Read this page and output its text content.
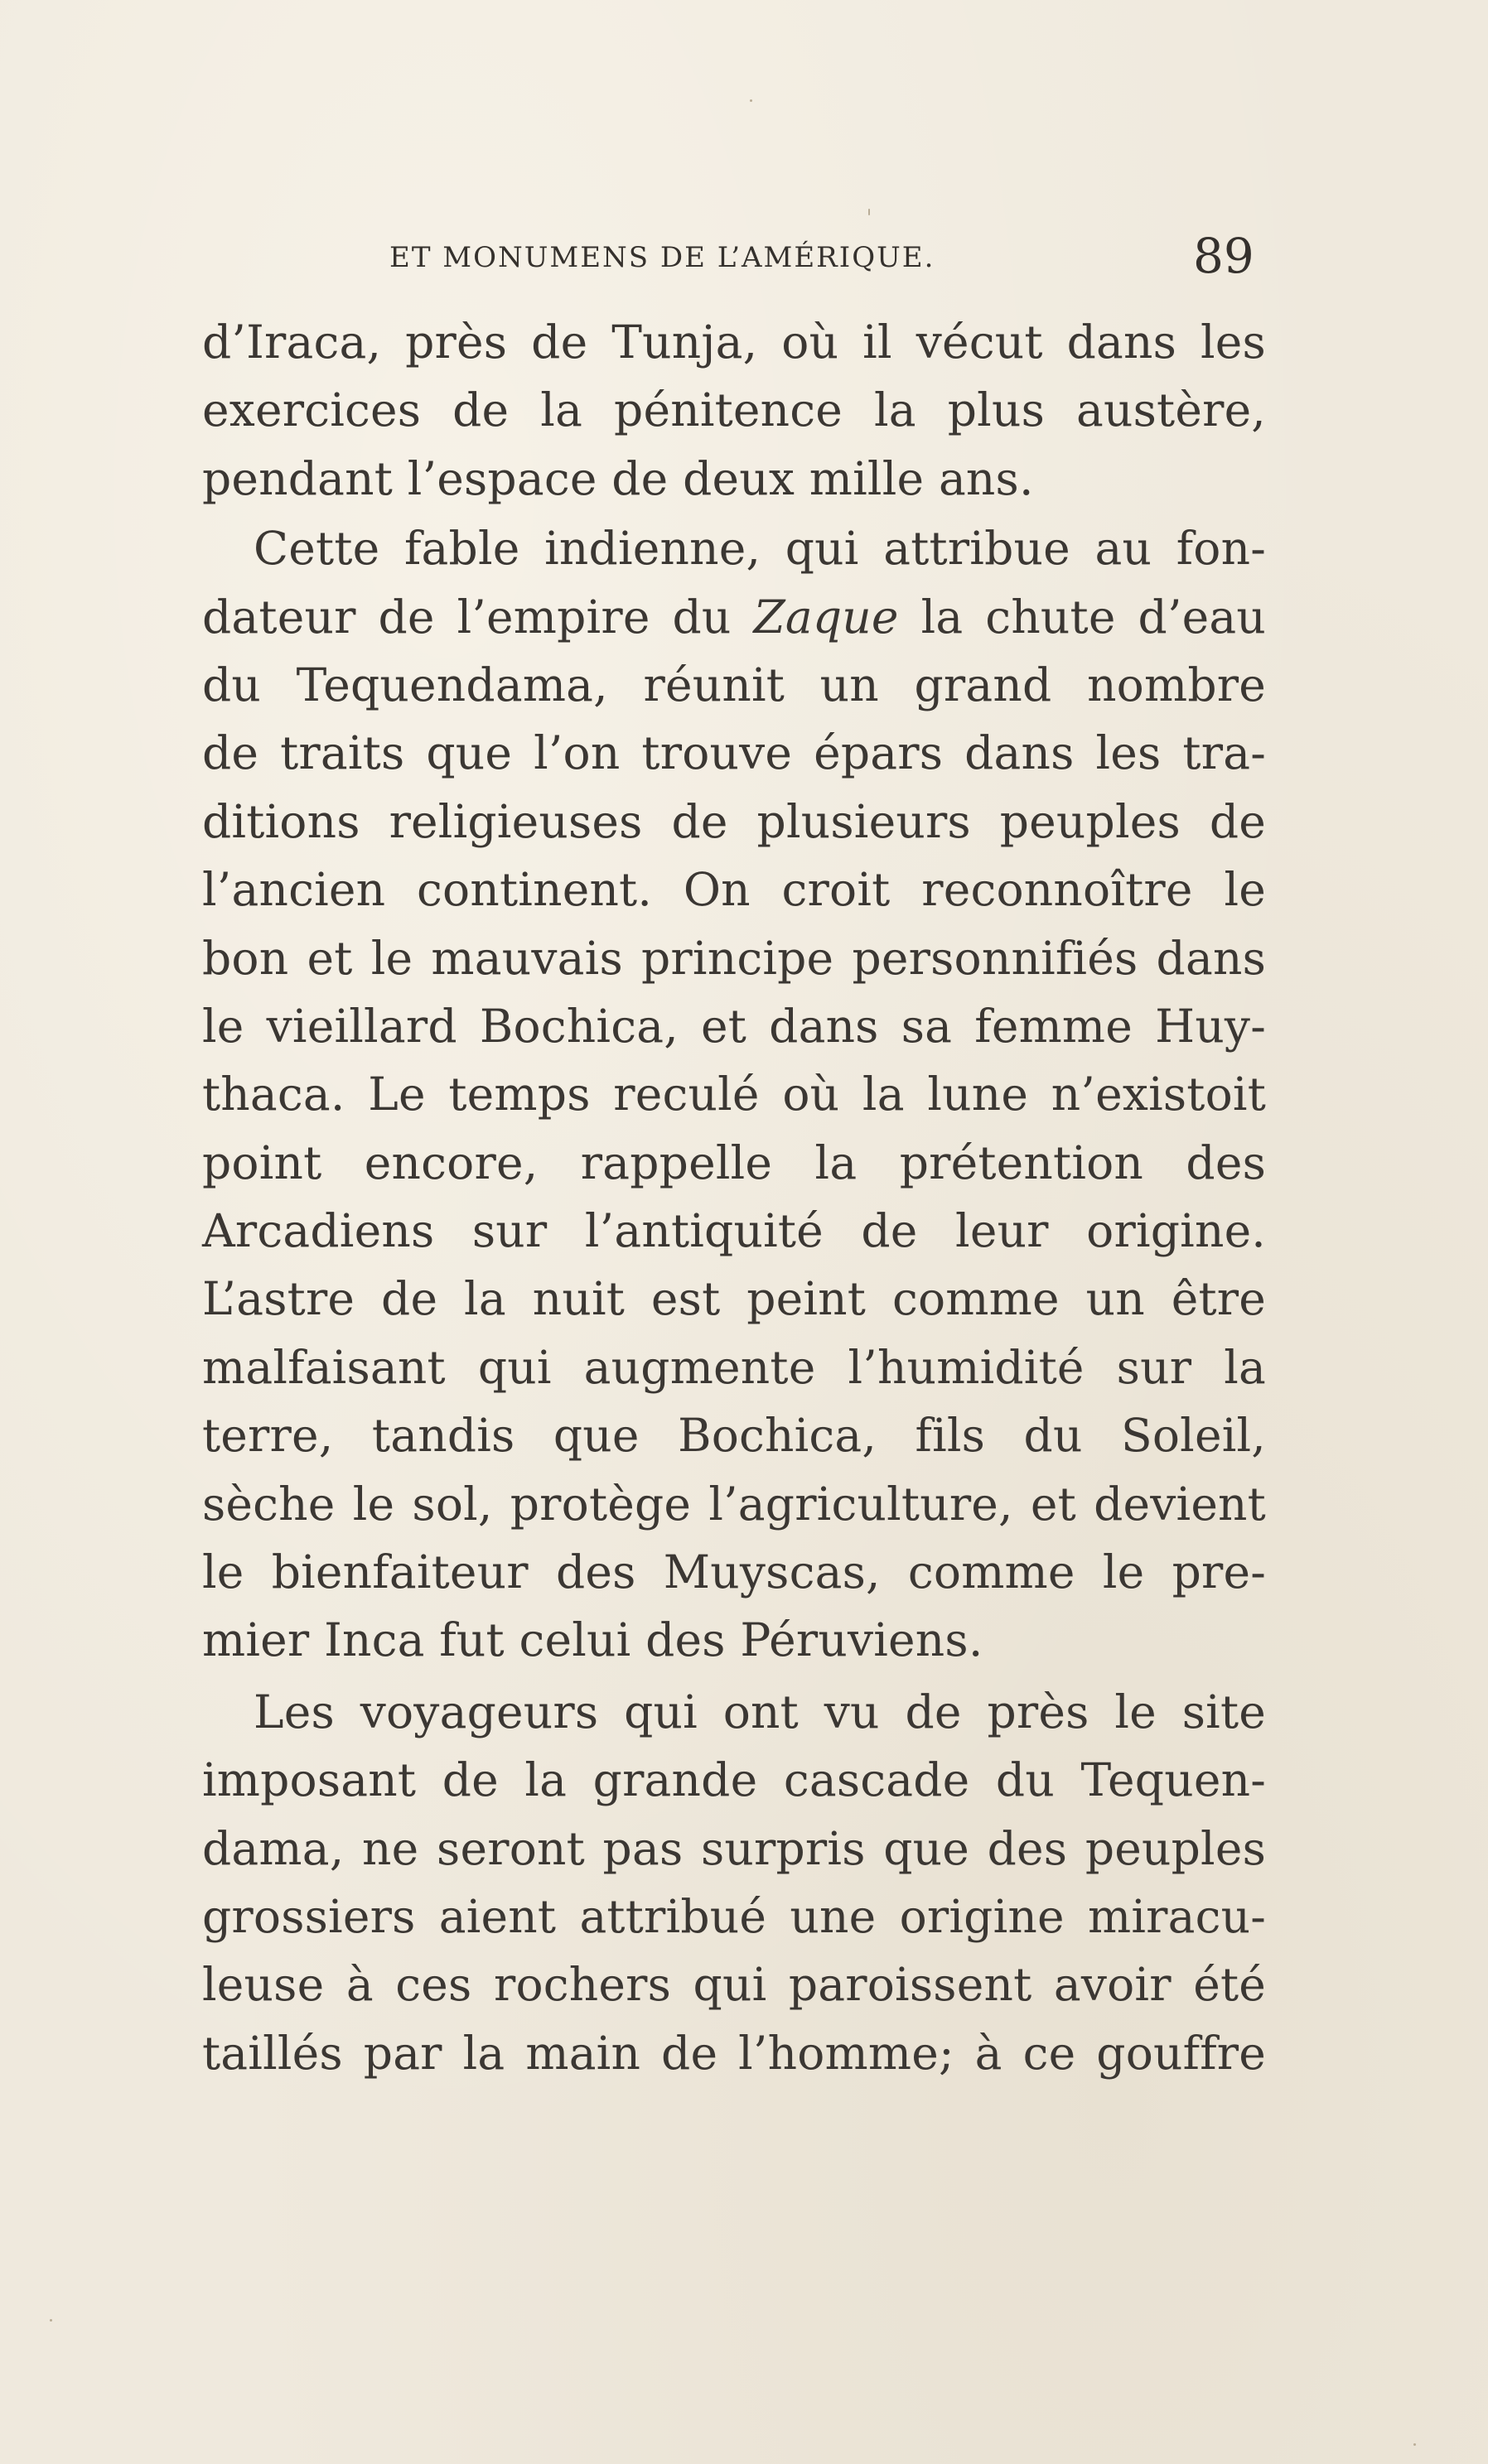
ET MONUMENS DE L’AMÉRIQUE.	89
d’Iraca, près de Tunja, où il vécut dans les
exercices de la pénitence la plus austère,
pendant l’espace de deux mille ans.
Cette fable indienne, qui attribue au fon-
dateur de l’empire du Zaque la chute d’eau
du Tequendama, réunit un grand nombre
de traits que l’on trouve épars dans les tra-
ditions religieuses de plusieurs peuples de
l’ancien continent. On croit reconnoître le
bon et le mauvais principe personnifiés dans
le vieillard Bochica, et dans sa femme Huy-
thaca. Le temps reculé où la lune n’existoit
point encore, rappelle la prétention des
Arcadiens sur l’antiquité de leur origine.
L’astre de la nuit est peint comme un être
malfaisant qui augmente l’humidité sur la
terre, tandis que Bochica, fils du Soleil,
sèche le sol, protège l’agriculture, et devient
le bienfaiteur des Muyscas, comme le pre-
mier Inca fut celui des Péruviens.
Les voyageurs qui ont vu de près le site
imposant de la grande cascade du Tequen-
dama, ne seront pas surpris que des peuples
grossiers aient attribué une origine miracu-
leuse à ces rochers qui paroissent avoir été
taillés par la main de l’homme; à ce gouffre
